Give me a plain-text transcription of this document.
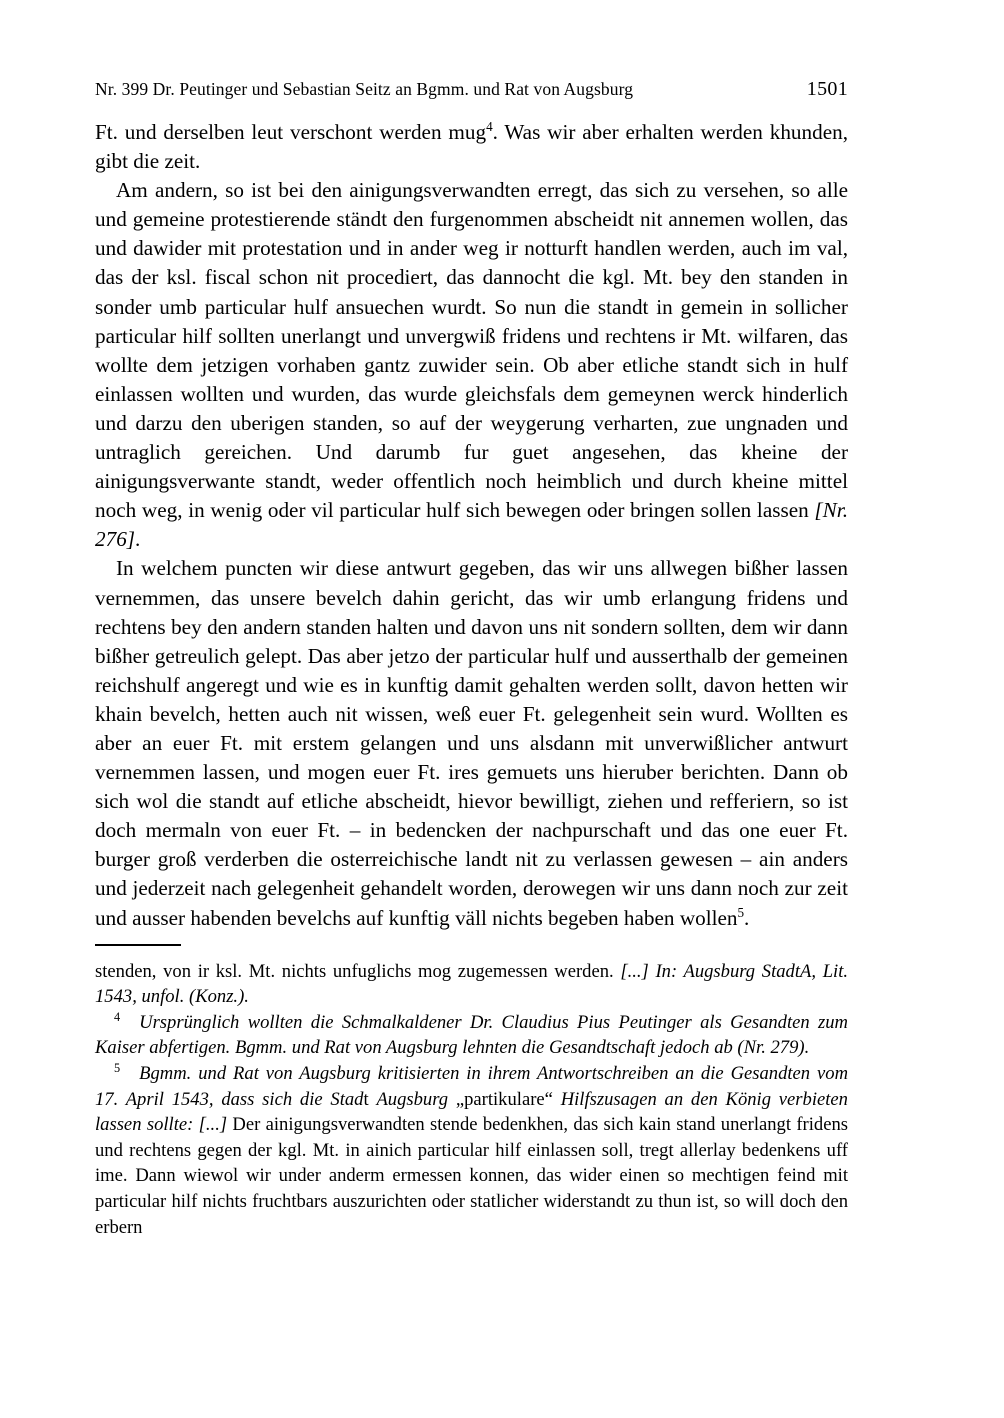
Nr. 399 Dr. Peutinger und Sebastian Seitz an Bgmm. und Rat von Augsburg	1501

Ft. und derselben leut verschont werden mug$^4$. Was wir aber erhalten werden khunden, gibt die zeit.

Am andern, so ist bei den ainigungsverwandten erregt, das sich zu versehen, so alle und gemeine protestierende ständt den furgenommen abscheidt nit annemen wollen, das und dawider mit protestation und in ander weg ir notturft handlen werden, auch im val, das der ksl. fiscal schon nit procediert, das dannocht die kgl. Mt. bey den standen in sonder umb particular hulf ansuechen wurdt. So nun die standt in gemein in sollicher particular hilf sollten unerlangt und unvergwiß fridens und rechtens ir Mt. wilfaren, das wollte dem jetzigen vorhaben gantz zuwider sein. Ob aber etliche standt sich in hulf einlassen wollten und wurden, das wurde gleichsfals dem gemeynen werck hinderlich und darzu den uberigen standen, so auf der weygerung verharten, zue ungnaden und untraglich gereichen. Und darumb fur guet angesehen, das kheine der ainigungsverwante standt, weder offentlich noch heimblich und durch kheine mittel noch weg, in wenig oder vil particular hulf sich bewegen oder bringen sollen lassen [Nr. 276].

In welchem puncten wir diese antwurt gegeben, das wir uns allwegen bißher lassen vernemmen, das unsere bevelch dahin gericht, das wir umb erlangung fridens und rechtens bey den andern standen halten und davon uns nit sondern sollten, dem wir dann bißher getreulich gelept. Das aber jetzo der particular hulf und ausserthalb der gemeinen reichshulf angeregt und wie es in kunftig damit gehalten werden sollt, davon hetten wir khain bevelch, hetten auch nit wissen, weß euer Ft. gelegenheit sein wurd. Wollten es aber an euer Ft. mit erstem gelangen und uns alsdann mit unverwißlicher antwurt vernemmen lassen, und mogen euer Ft. ires gemuets uns hieruber berichten. Dann ob sich wol die standt auf etliche abscheidt, hievor bewilligt, ziehen und refferiern, so ist doch mermaln von euer Ft. – in bedencken der nachpurschaft und das one euer Ft. burger groß verderben die osterreichische landt nit zu verlassen gewesen – ain anders und jederzeit nach gelegenheit gehandelt worden, derowegen wir uns dann noch zur zeit und ausser habenden bevelchs auf kunftig väll nichts begeben haben wollen$^5$.

stenden, von ir ksl. Mt. nichts unfuglichs mog zugemessen werden. [...] In: Augsburg StadtA, Lit. 1543, unfol. (Konz.).

$^4$ Ursprünglich wollten die Schmalkaldener Dr. Claudius Pius Peutinger als Gesandten zum Kaiser abfertigen. Bgmm. und Rat von Augsburg lehnten die Gesandtschaft jedoch ab (Nr. 279).

$^5$ Bgmm. und Rat von Augsburg kritisierten in ihrem Antwortschreiben an die Gesandten vom 17. April 1543, dass sich die Stadt Augsburg „partikulare“ Hilfszusagen an den König verbieten lassen sollte: [...] Der ainigungsverwandten stende bedenkhen, das sich kain stand unerlangt fridens und rechtens gegen der kgl. Mt. in ainich particular hilf einlassen soll, tregt allerlay bedenkens uff ime. Dann wiewol wir under anderm ermessen konnen, das wider einen so mechtigen feind mit particular hilf nichts fruchtbars auszurichten oder statlicher widerstandt zu thun ist, so will doch den erbern
